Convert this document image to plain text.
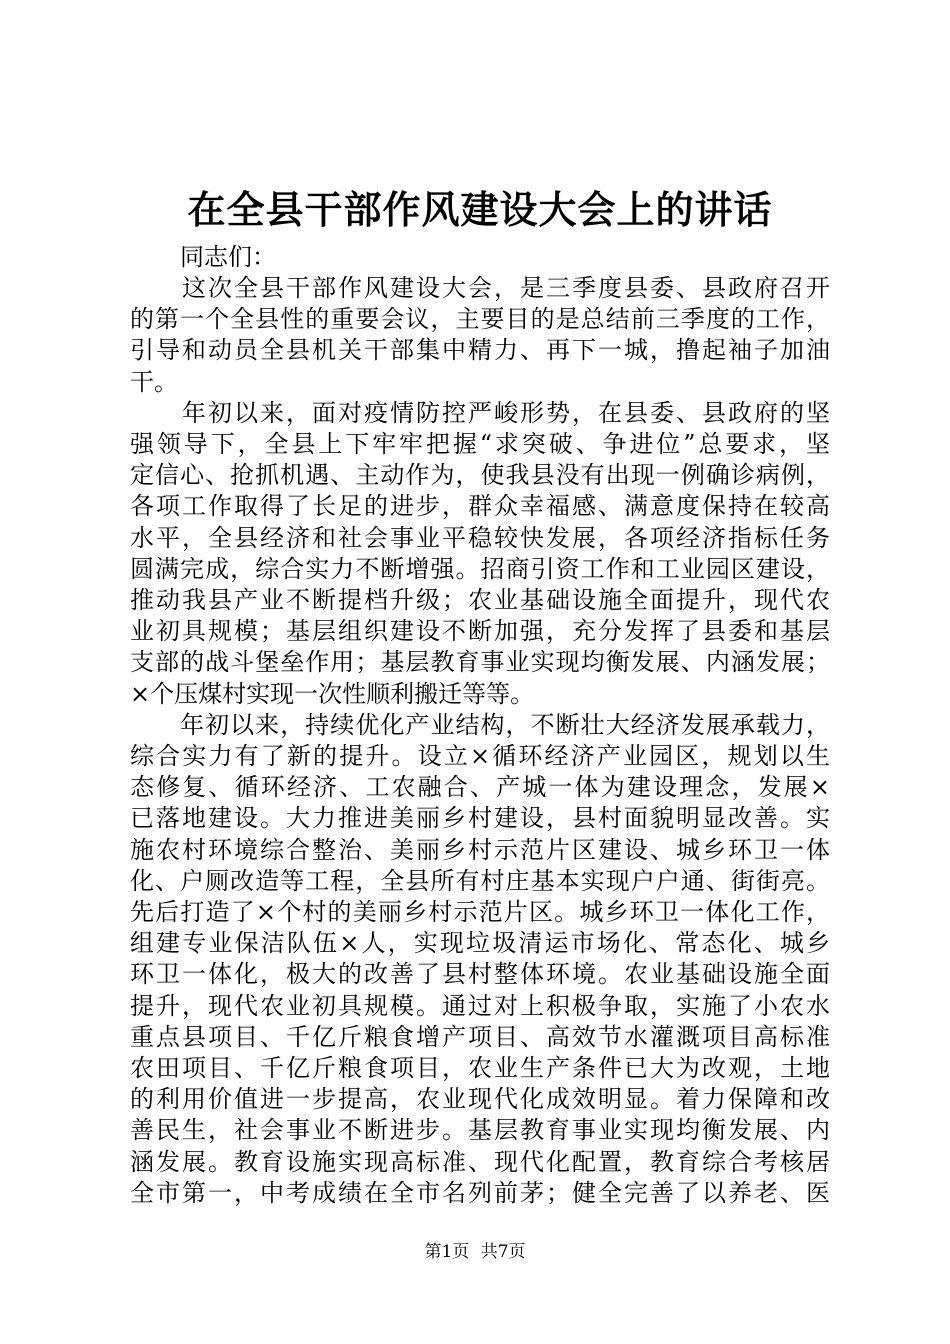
在全县干部作风建设大会上的讲话
同志们：
　　这次全县干部作风建设大会，是三季度县委、县政府召开
的第一个全县性的重要会议，主要目的是总结前三季度的工作，
引导和动员全县机关干部集中精力、再下一城，撸起袖子加油
干。
　　年初以来，面对疫情防控严峻形势，在县委、县政府的坚
强领导下，全县上下牢牢把握“求突破、争进位”总要求，坚
定信心、抢抓机遇、主动作为，使我县没有出现一例确诊病例，
各项工作取得了长足的进步，群众幸福感、满意度保持在较高
水平，全县经济和社会事业平稳较快发展，各项经济指标任务
圆满完成，综合实力不断增强。招商引资工作和工业园区建设，
推动我县产业不断提档升级；农业基础设施全面提升，现代农
业初具规模；基层组织建设不断加强，充分发挥了县委和基层
支部的战斗堡垒作用；基层教育事业实现均衡发展、内涵发展；
×个压煤村实现一次性顺利搬迁等等。
　　年初以来，持续优化产业结构，不断壮大经济发展承载力，
综合实力有了新的提升。设立×循环经济产业园区，规划以生
态修复、循环经济、工农融合、产城一体为建设理念，发展×
已落地建设。大力推进美丽乡村建设，县村面貌明显改善。实
施农村环境综合整治、美丽乡村示范片区建设、城乡环卫一体
化、户厕改造等工程，全县所有村庄基本实现户户通、街街亮。
先后打造了×个村的美丽乡村示范片区。城乡环卫一体化工作，
组建专业保洁队伍×人，实现垃圾清运市场化、常态化、城乡
环卫一体化，极大的改善了县村整体环境。农业基础设施全面
提升，现代农业初具规模。通过对上积极争取，实施了小农水
重点县项目、千亿斤粮食增产项目、高效节水灌溉项目高标准
农田项目、千亿斤粮食项目，农业生产条件已大为改观，土地
的利用价值进一步提高，农业现代化成效明显。着力保障和改
善民生，社会事业不断进步。基层教育事业实现均衡发展、内
涵发展。教育设施实现高标准、现代化配置，教育综合考核居
全市第一，中考成绩在全市名列前茅；健全完善了以养老、医
第1页 共7页
